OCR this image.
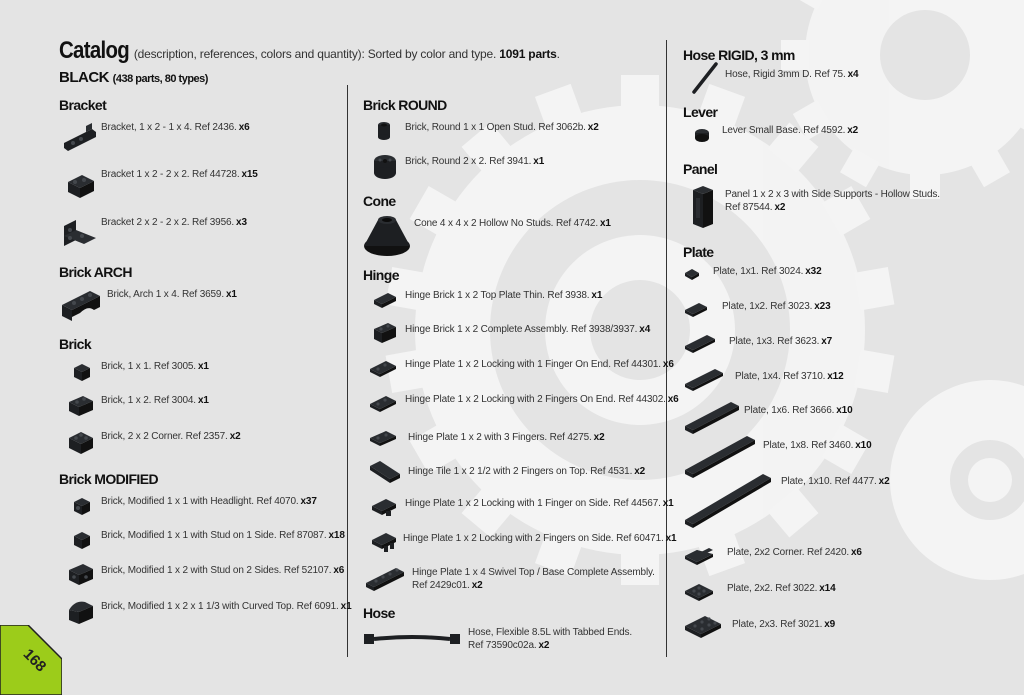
Catalog (description, references, colors and quantity): Sorted by color and type. 1091 parts.
BLACK (438 parts, 80 types)
Bracket
Bracket, 1 x 2 - 1 x 4. Ref 2436. x6
Bracket 1 x 2 - 2 x 2. Ref 44728. x15
Bracket 2 x 2 - 2 x 2. Ref 3956. x3
Brick ARCH
Brick, Arch 1 x 4. Ref 3659. x1
Brick
Brick, 1 x 1. Ref 3005. x1
Brick, 1 x 2. Ref 3004. x1
Brick, 2 x 2 Corner. Ref 2357. x2
Brick MODIFIED
Brick, Modified 1 x 1 with Headlight. Ref 4070. x37
Brick, Modified 1 x 1 with Stud on 1 Side. Ref 87087. x18
Brick, Modified 1 x 2 with Stud on 2 Sides. Ref 52107. x6
Brick, Modified 1 x 2 x 1 1/3 with Curved Top. Ref 6091. x1
Brick ROUND
Brick, Round 1 x 1 Open Stud. Ref 3062b. x2
Brick, Round 2 x 2. Ref 3941. x1
Cone
Cone 4 x 4 x 2 Hollow No Studs. Ref 4742. x1
Hinge
Hinge Brick 1 x 2 Top Plate Thin. Ref 3938. x1
Hinge Brick 1 x 2 Complete Assembly. Ref 3938/3937. x4
Hinge Plate 1 x 2 Locking with 1 Finger On End. Ref 44301. x6
Hinge Plate 1 x 2 Locking with 2 Fingers On End. Ref 44302. x6
Hinge Plate 1 x 2 with 3 Fingers. Ref 4275. x2
Hinge Tile 1 x 2 1/2 with 2 Fingers on Top. Ref 4531. x2
Hinge Plate 1 x 2 Locking with 1 Finger on Side. Ref 44567. x1
Hinge Plate 1 x 2 Locking with 2 Fingers on Side. Ref 60471. x1
Hinge Plate 1 x 4 Swivel Top / Base Complete Assembly.
Ref 2429c01. x2
Hose
Hose, Flexible 8.5L with Tabbed Ends.
Ref 73590c02a. x2
Hose RIGID, 3 mm
Hose, Rigid 3mm D. Ref 75. x4
Lever
Lever Small Base. Ref 4592. x2
Panel
Panel 1 x 2 x 3 with Side Supports - Hollow Studs.
Ref 87544. x2
Plate
Plate, 1x1. Ref 3024. x32
Plate, 1x2. Ref 3023. x23
Plate, 1x3. Ref 3623. x7
Plate, 1x4. Ref 3710. x12
Plate, 1x6. Ref 3666. x10
Plate, 1x8. Ref 3460. x10
Plate, 1x10. Ref 4477. x2
Plate, 2x2 Corner. Ref 2420. x6
Plate, 2x2. Ref 3022. x14
Plate, 2x3. Ref 3021. x9
168
